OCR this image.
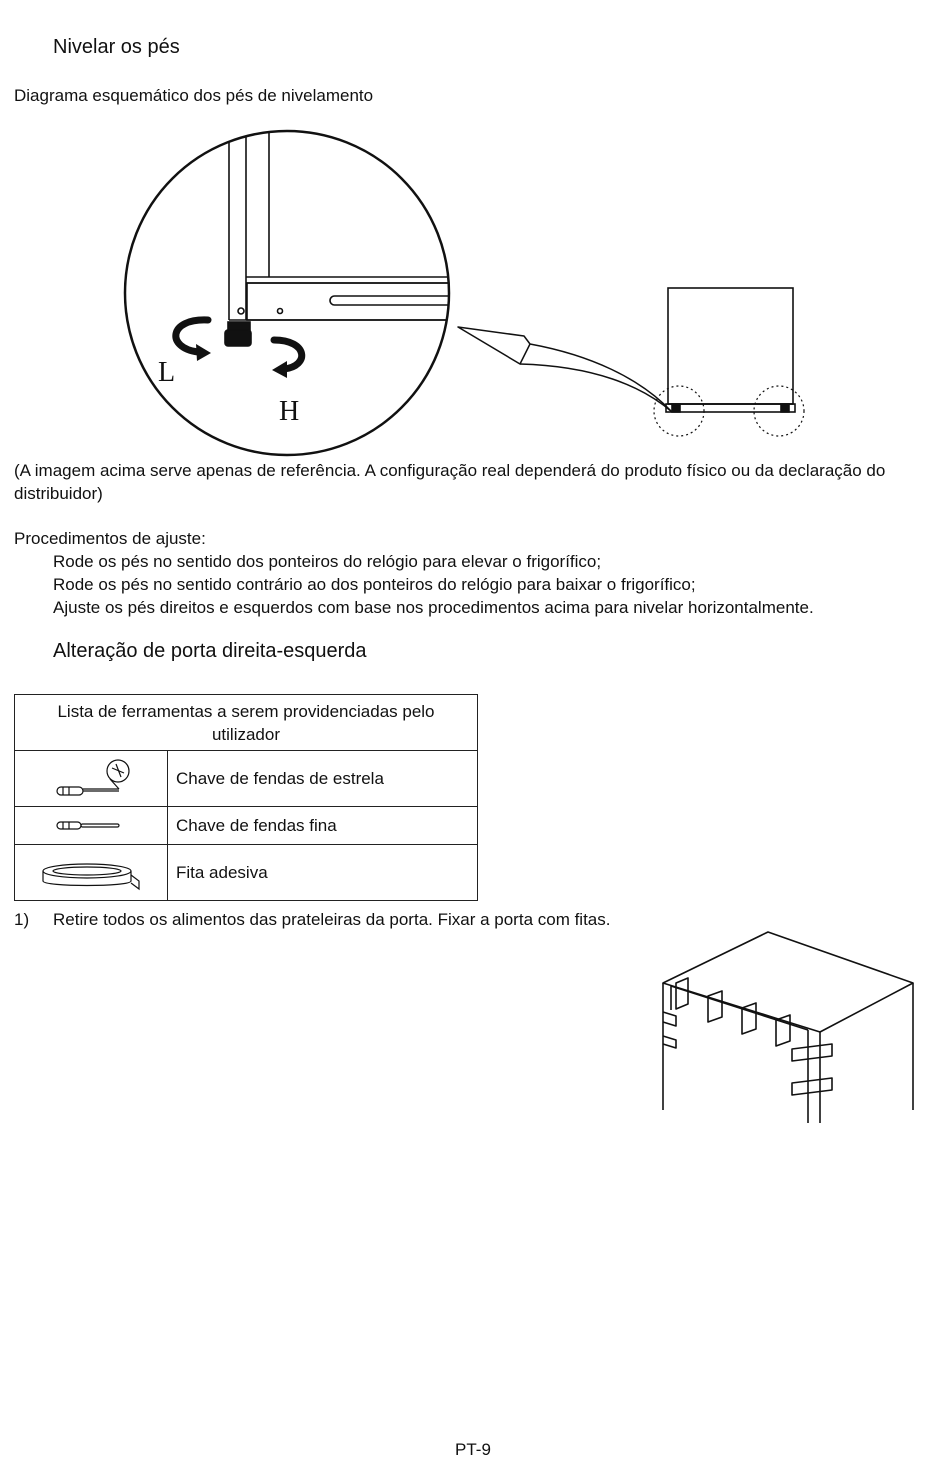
Nivelar os pés
Diagrama esquemático dos pés de nivelamento
L
H
(A imagem acima serve apenas de referência. A configuração real dependerá do produto físico ou da declaração do distribuidor)
Procedimentos de ajuste:
Rode os pés no sentido dos ponteiros do relógio para elevar o frigorífico;
Rode os pés no sentido contrário ao dos ponteiros do relógio para baixar o frigorífico;
Ajuste os pés direitos e esquerdos com base nos procedimentos acima para nivelar horizontalmente.
Alteração de porta direita-esquerda
Lista de ferramentas a serem providenciadas pelo utilizador	

	Chave de fendas de estrela

	Chave de fendas fina

	Fita adesiva
1) Retire todos os alimentos das prateleiras da porta. Fixar a porta com fitas.
PT-9
